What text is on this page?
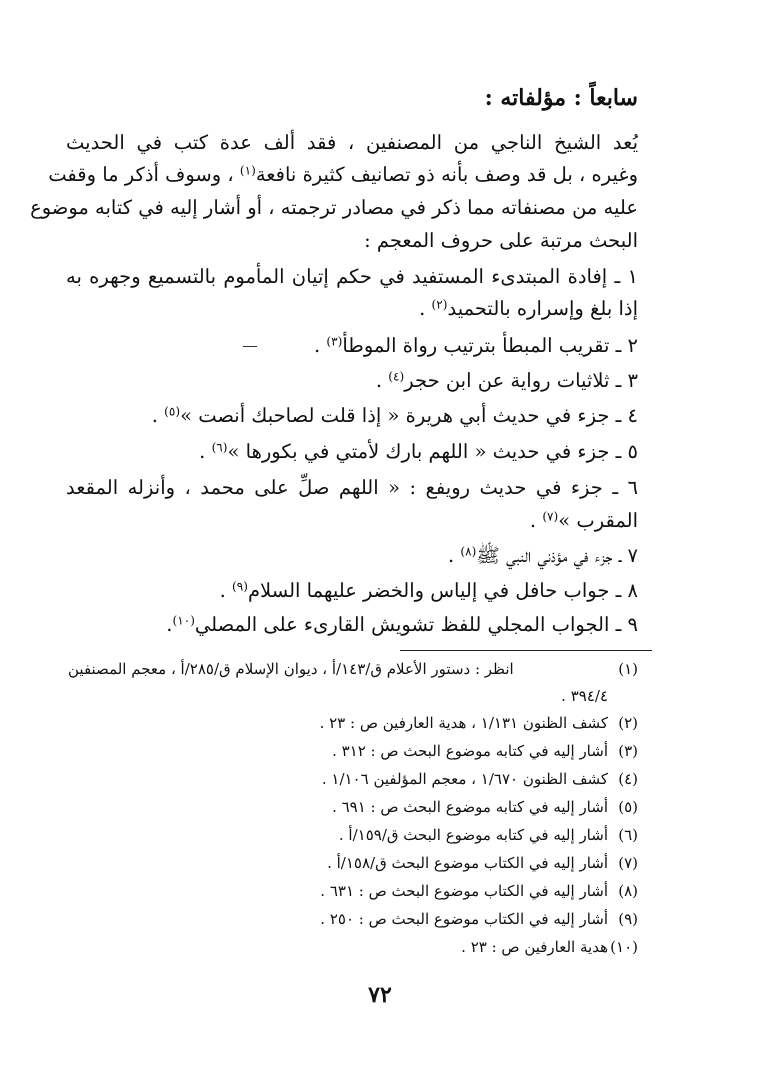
سابعاً : مؤلفاته :
يُعد الشيخ الناجي من المصنفين ، فقد ألف عدة كتب في الحديث
وغيره ، بل قد وصف بأنه ذو تصانيف كثيرة نافعة$^{(١)}$ ، وسوف أذكر ما وقفت
عليه من مصنفاته مما ذكر في مصادر ترجمته ، أو أشار إليه في كتابه موضوع
البحث مرتبة على حروف المعجم :
١ ـ إفادة المبتدىء المستفيد في حكم إتيان المأموم بالتسميع وجهره به
إذا بلغ وإسراره بالتحميد$^{(٢)}$ .
٢ ـ تقريب المبطأ بترتيب رواة الموطأ$^{(٣)}$ .
٣ ـ ثلاثيات رواية عن ابن حجر$^{(٤)}$ .
٤ ـ جزء في حديث أبي هريرة « إذا قلت لصاحبك أنصت »$^{(٥)}$ .
٥ ـ جزء في حديث « اللهم بارك لأمتي في بكورها »$^{(٦)}$ .
٦ ـ جزء في حديث رويفع : « اللهم صلِّ على محمد ، وأنزله المقعد
المقرب »$^{(٧)}$ .
٧ ـ جزء في مؤذني النبي ﷺ$^{(٨)}$ .
٨ ـ جواب حافل في إلياس والخضر عليهما السلام$^{(٩)}$ .
٩ ـ الجواب المجلي للفظ تشويش القارىء على المصلي$^{(١٠)}$.
(١)
انظر : دستور الأعلام ق/١٤٣/أ ، ديوان الإسلام ق/٢٨٥/أ ، معجم المصنفين
٣٩٤/٤ .
(٢)كشف الظنون ١/١٣١ ، هدية العارفين ص : ٢٣ .
(٣)أشار إليه في كتابه موضوع البحث ص : ٣١٢ .
(٤)كشف الظنون ١/٦٧٠ ، معجم المؤلفين ١/١٠٦ .
(٥)أشار إليه في كتابه موضوع البحث ص : ٦٩١ .
(٦)أشار إليه في كتابه موضوع البحث ق/١٥٩/أ .
(٧)أشار إليه في الكتاب موضوع البحث ق/١٥٨/أ .
(٨)أشار إليه في الكتاب موضوع البحث ص : ٦٣١ .
(٩)أشار إليه في الكتاب موضوع البحث ص : ٢٥٠ .
(١٠)هدية العارفين ص : ٢٣ .
٧٢
